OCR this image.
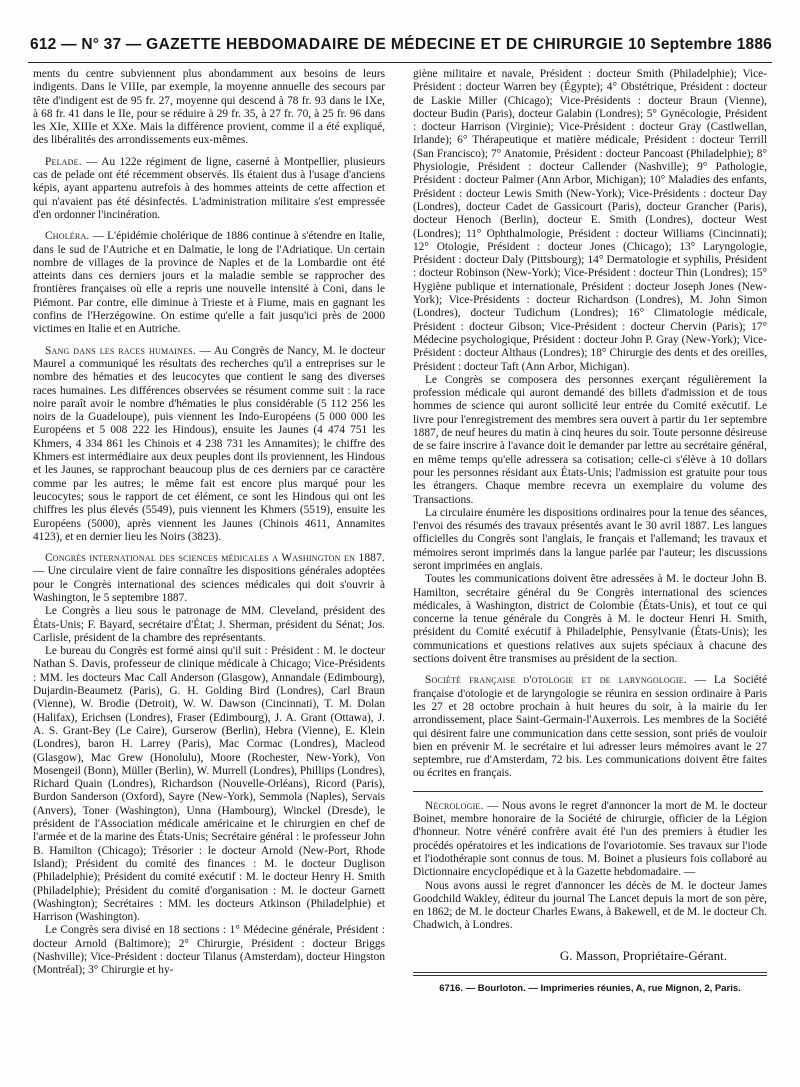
612 — N° 37 — GAZETTE HEBDOMADAIRE DE MÉDECINE ET DE CHIRURGIE 10 Septembre 1886

ments du centre subviennent plus abondamment aux besoins de leurs indigents. Dans le VIIIe, par exemple, la moyenne annuelle des secours par tête d'indigent est de 95 fr. 27, moyenne qui descend à 78 fr. 93 dans le IXe, à 68 fr. 41 dans le IIe, pour se réduire à 29 fr. 35, à 27 fr. 70, à 25 fr. 96 dans les XIe, XIIIe et XXe. Mais la différence provient, comme il a été expliqué, des libéralités des arrondissements eux-mêmes.

Pelade. — Au 122e régiment de ligne, caserné à Montpellier, plusieurs cas de pelade ont été récemment observés. Ils étaient dus à l'usage d'anciens képis, ayant appartenu autrefois à des hommes atteints de cette affection et qui n'avaient pas été désinfectés. L'administration militaire s'est empressée d'en ordonner l'incinération.

Choléra. — L'épidémie cholérique de 1886 continue à s'étendre en Italie, dans le sud de l'Autriche et en Dalmatie, le long de l'Adriatique. Un certain nombre de villages de la province de Naples et de la Lombardie ont été atteints dans ces derniers jours et la maladie semble se rapprocher des frontières françaises où elle a repris une nouvelle intensité à Coni, dans le Piémont. Par contre, elle diminue à Trieste et à Fiume, mais en gagnant les confins de l'Herzégowine. On estime qu'elle a fait jusqu'ici près de 2000 victimes en Italie et en Autriche.

Sang dans les races humaines. — Au Congrès de Nancy, M. le docteur Maurel a communiqué les résultats des recherches qu'il a entreprises sur le nombre des hématies et des leucocytes que contient le sang des diverses races humaines. Les différences observées se résument comme suit : la race noire paraît avoir le nombre d'hématies le plus considérable (5 112 256 les noirs de la Guadeloupe), puis viennent les Indo-Européens (5 000 000 les Européens et 5 008 222 les Hindous), ensuite les Jaunes (4 474 751 les Khmers, 4 334 861 les Chinois et 4 238 731 les Annamites); le chiffre des Khmers est intermédiaire aux deux peuples dont ils proviennent, les Hindous et les Jaunes, se rapprochant beaucoup plus de ces derniers par ce caractère comme par les autres; le même fait est encore plus marqué pour les leucocytes; sous le rapport de cet élément, ce sont les Hindous qui ont les chiffres les plus élevés (5549), puis viennent les Khmers (5519), ensuite les Européens (5000), après viennent les Jaunes (Chinois 4611, Annamites 4123), et en dernier lieu les Noirs (3823).

Congrès international des sciences médicales a Washington en 1887. — Une circulaire vient de faire connaître les dispositions générales adoptées pour le Congrès international des sciences médicales qui doit s'ouvrir à Washington, le 5 septembre 1887.

Le Congrès a lieu sous le patronage de MM. Cleveland, président des États-Unis; F. Bayard, secrétaire d'État; J. Sherman, président du Sénat; Jos. Carlisle, président de la chambre des représentants.

Le bureau du Congrès est formé ainsi qu'il suit : Président : M. le docteur Nathan S. Davis, professeur de clinique médicale à Chicago; Vice-Présidents : MM. les docteurs Mac Call Anderson (Glasgow), Annandale (Edimbourg), Dujardin-Beaumetz (Paris), G. H. Golding Bird (Londres), Carl Braun (Vienne), W. Brodie (Detroit), W. W. Dawson (Cincinnati), T. M. Dolan (Halifax), Erichsen (Londres), Fraser (Edimbourg), J. A. Grant (Ottawa), J. A. S. Grant-Bey (Le Caire), Gurserow (Berlin), Hebra (Vienne), E. Klein (Londres), baron H. Larrey (Paris), Mac Cormac (Londres), Macleod (Glasgow), Mac Grew (Honolulu), Moore (Rochester, New-York), Von Mosengeil (Bonn), Müller (Berlin), W. Murrell (Londres), Phillips (Londres), Richard Quain (Londres), Richardson (Nouvelle-Orléans), Ricord (Paris), Burdon Sanderson (Oxford), Sayre (New-York), Semmola (Naples), Servais (Anvers), Toner (Washington), Unna (Hambourg), Winckel (Dresde), le président de l'Association médicale américaine et le chirurgien en chef de l'armée et de la marine des États-Unis; Secrétaire général : le professeur John B. Hamilton (Chicago); Trésorier : le docteur Arnold (New-Port, Rhode Island); Président du comité des finances : M. le docteur Duglison (Philadelphie); Président du comité exécutif : M. le docteur Henry H. Smith (Philadelphie); Président du comité d'organisation : M. le docteur Garnett (Washington); Secrétaires : MM. les docteurs Atkinson (Philadelphie) et Harrison (Washington).

Le Congrès sera divisé en 18 sections : 1° Médecine générale, Président : docteur Arnold (Baltimore); 2° Chirurgie, Président : docteur Briggs (Nashville); Vice-Président : docteur Tilanus (Amsterdam), docteur Hingston (Montréal); 3° Chirurgie et hy-

giène militaire et navale, Président : docteur Smith (Philadelphie); Vice-Président : docteur Warren bey (Égypte); 4° Obstétrique, Président : docteur de Laskie Miller (Chicago); Vice-Présidents : docteur Braun (Vienne), docteur Budin (Paris), docteur Galabin (Londres); 5° Gynécologie, Président : docteur Harrison (Virginie); Vice-Président : docteur Gray (Castlwellan, Irlande); 6° Thérapeutique et matière médicale, Président : docteur Terrill (San Francisco); 7° Anatomie, Président : docteur Pancoast (Philadelphie); 8° Physiologie, Président : docteur Callender (Nashville); 9° Pathologie, Président : docteur Palmer (Ann Arbor, Michigan); 10° Maladies des enfants, Président : docteur Lewis Smith (New-York); Vice-Présidents : docteur Day (Londres), docteur Cadet de Gassicourt (Paris), docteur Grancher (Paris), docteur Henoch (Berlin), docteur E. Smith (Londres), docteur West (Londres); 11° Ophthalmologie, Président : docteur Williams (Cincinnati); 12° Otologie, Président : docteur Jones (Chicago); 13° Laryngologie, Président : docteur Daly (Pittsbourg); 14° Dermatologie et syphilis, Président : docteur Robinson (New-York); Vice-Président : docteur Thin (Londres); 15° Hygiène publique et internationale, Président : docteur Joseph Jones (New-York); Vice-Présidents : docteur Richardson (Londres), M. John Simon (Londres), docteur Tudichum (Londres); 16° Climatologie médicale, Président : docteur Gibson; Vice-Président : docteur Chervin (Paris); 17° Médecine psychologique, Président : docteur John P. Gray (New-York); Vice-Président : docteur Althaus (Londres); 18° Chirurgie des dents et des oreilles, Président : docteur Taft (Ann Arbor, Michigan).

Le Congrès se composera des personnes exerçant régulièrement la profession médicale qui auront demandé des billets d'admission et de tous hommes de science qui auront sollicité leur entrée du Comité exécutif. Le livre pour l'enregistrement des membres sera ouvert à partir du 1er septembre 1887, de neuf heures du matin à cinq heures du soir. Toute personne désireuse de se faire inscrire à l'avance doit le demander par lettre au secrétaire général, en même temps qu'elle adressera sa cotisation; celle-ci s'élève à 10 dollars pour les personnes résidant aux États-Unis; l'admission est gratuite pour tous les étrangers. Chaque membre recevra un exemplaire du volume des Transactions.

La circulaire énumère les dispositions ordinaires pour la tenue des séances, l'envoi des résumés des travaux présentés avant le 30 avril 1887. Les langues officielles du Congrès sont l'anglais, le français et l'allemand; les travaux et mémoires seront imprimés dans la langue parlée par l'auteur; les discussions seront imprimées en anglais.

Toutes les communications doivent être adressées à M. le docteur John B. Hamilton, secrétaire général du 9e Congrès international des sciences médicales, à Washington, district de Colombie (États-Unis), et tout ce qui concerne la tenue générale du Congrès à M. le docteur Henri H. Smith, président du Comité exécutif à Philadelphie, Pensylvanie (États-Unis); les communications et questions relatives aux sujets spéciaux à chacune des sections doivent être transmises au président de la section.

Société française d'otologie et de laryngologie. — La Société française d'otologie et de laryngologie se réunira en session ordinaire à Paris les 27 et 28 octobre prochain à huit heures du soir, à la mairie du Ier arrondissement, place Saint-Germain-l'Auxerrois. Les membres de la Société qui désirent faire une communication dans cette session, sont priés de vouloir bien en prévenir M. le secrétaire et lui adresser leurs mémoires avant le 27 septembre, rue d'Amsterdam, 72 bis. Les communications doivent être faites ou écrites en français.

Nécrologie. — Nous avons le regret d'annoncer la mort de M. le docteur Boinet, membre honoraire de la Société de chirurgie, officier de la Légion d'honneur. Notre vénéré confrère avait été l'un des premiers à étudier les procédés opératoires et les indications de l'ovariotomie. Ses travaux sur l'iode et l'iodothérapie sont connus de tous. M. Boinet a plusieurs fois collaboré au Dictionnaire encyclopédique et à la Gazette hebdomadaire. —

Nous avons aussi le regret d'annoncer les décès de M. le docteur James Goodchild Wakley, éditeur du journal The Lancet depuis la mort de son père, en 1862; de M. le docteur Charles Ewans, à Bakewell, et de M. le docteur Ch. Chadwich, à Londres.

G. Masson, Propriétaire-Gérant.
6716. — Bourloton. — Imprimeries réunies, A, rue Mignon, 2, Paris.
